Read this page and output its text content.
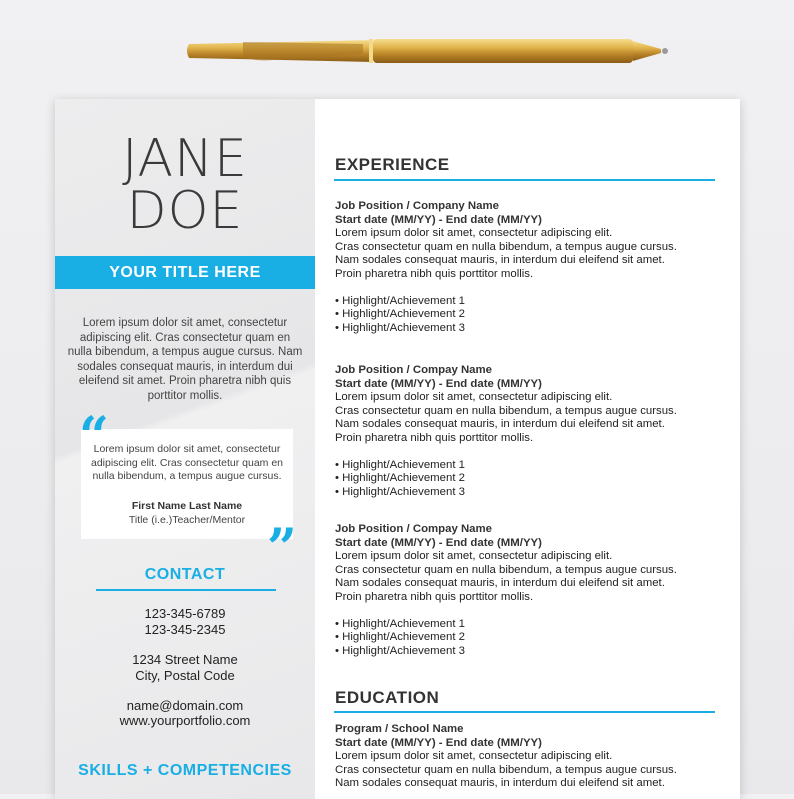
JANE
DOE
YOUR TITLE HERE
Lorem ipsum dolor sit amet, consectetur adipiscing elit. Cras consectetur quam en nulla bibendum, a tempus augue cursus. Nam sodales consequat mauris, in interdum dui eleifend sit amet. Proin pharetra nibh quis porttitor mollis.
Lorem ipsum dolor sit amet, consectetur adipiscing elit. Cras consectetur quam en nulla bibendum, a tempus augue cursus.
First Name Last Name
Title (i.e.)Teacher/Mentor
“
”
CONTACT
123-345-6789
123-345-2345
1234 Street Name
City, Postal Code
name@domain.com
www.yourportfolio.com
SKILLS + COMPETENCIES
EXPERIENCE
Job Position / Company Name
Start date (MM/YY) - End date (MM/YY)
Lorem ipsum dolor sit amet, consectetur adipiscing elit.
Cras consectetur quam en nulla bibendum, a tempus augue cursus.
Nam sodales consequat mauris, in interdum dui eleifend sit amet.
Proin pharetra nibh quis porttitor mollis.
• Highlight/Achievement 1
• Highlight/Achievement 2
• Highlight/Achievement 3
Job Position / Compay Name
Start date (MM/YY) - End date (MM/YY)
Lorem ipsum dolor sit amet, consectetur adipiscing elit.
Cras consectetur quam en nulla bibendum, a tempus augue cursus.
Nam sodales consequat mauris, in interdum dui eleifend sit amet.
Proin pharetra nibh quis porttitor mollis.
• Highlight/Achievement 1
• Highlight/Achievement 2
• Highlight/Achievement 3
Job Position / Compay Name
Start date (MM/YY) - End date (MM/YY)
Lorem ipsum dolor sit amet, consectetur adipiscing elit.
Cras consectetur quam en nulla bibendum, a tempus augue cursus.
Nam sodales consequat mauris, in interdum dui eleifend sit amet.
Proin pharetra nibh quis porttitor mollis.
• Highlight/Achievement 1
• Highlight/Achievement 2
• Highlight/Achievement 3
EDUCATION
Program / School Name
Start date (MM/YY) - End date (MM/YY)
Lorem ipsum dolor sit amet, consectetur adipiscing elit.
Cras consectetur quam en nulla bibendum, a tempus augue cursus.
Nam sodales consequat mauris, in interdum dui eleifend sit amet.
